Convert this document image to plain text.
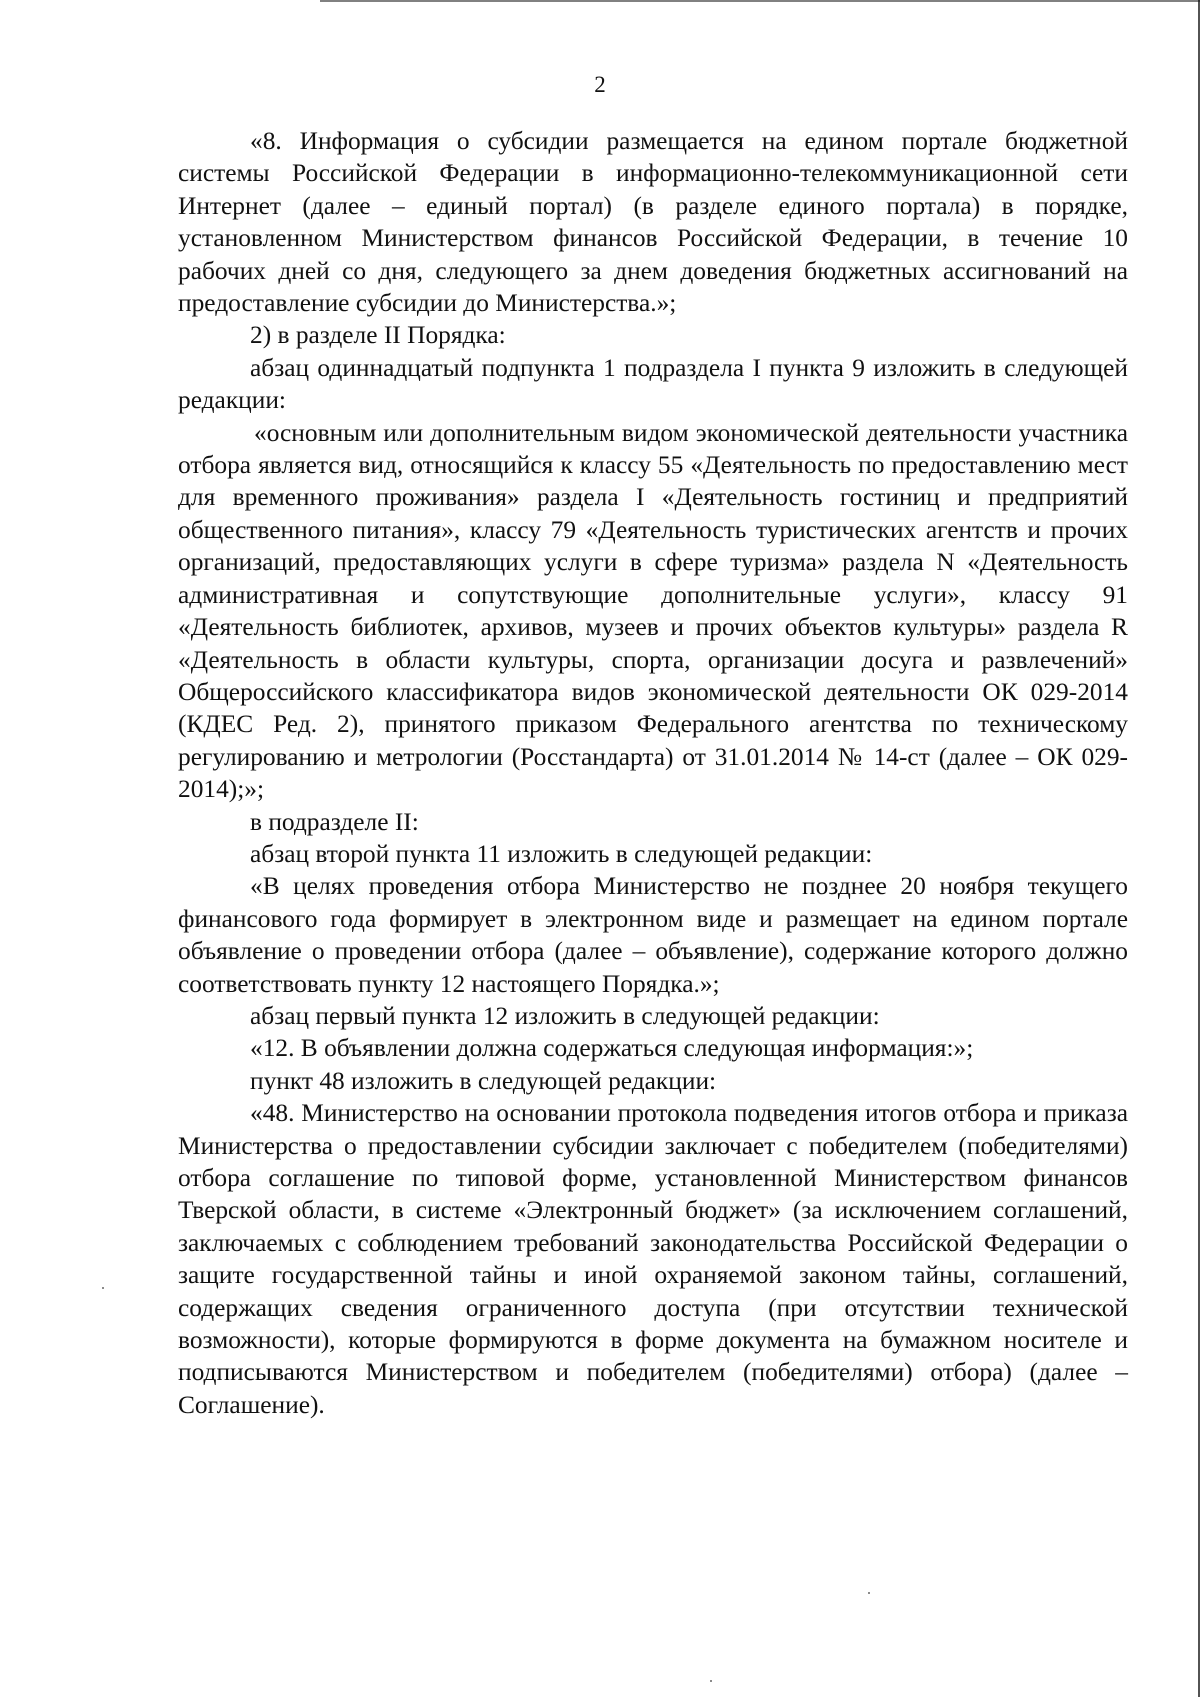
2

«8. Информация о субсидии размещается на едином портале бюджетной системы Российской Федерации в информационно-телекоммуникационной сети Интернет (далее – единый портал) (в разделе единого портала) в порядке, установленном Министерством финансов Российской Федерации, в течение 10 рабочих дней со дня, следующего за днем доведения бюджетных ассигнований на предоставление субсидии до Министерства.»;

2) в разделе II Порядка:

абзац одиннадцатый подпункта 1 подраздела I пункта 9 изложить в следующей редакции:

«основным или дополнительным видом экономической деятельности участника отбора является вид, относящийся к классу 55 «Деятельность по предоставлению мест для временного проживания» раздела I «Деятельность гостиниц и предприятий общественного питания», классу 79 «Деятельность туристических агентств и прочих организаций, предоставляющих услуги в сфере туризма» раздела N «Деятельность административная и сопутствующие дополнительные услуги», классу 91 «Деятельность библиотек, архивов, музеев и прочих объектов культуры» раздела R «Деятельность в области культуры, спорта, организации досуга и развлечений» Общероссийского классификатора видов экономической деятельности ОК 029-2014 (КДЕС Ред. 2), принятого приказом Федерального агентства по техническому регулированию и метрологии (Росстандарта) от 31.01.2014 № 14-ст (далее – ОК 029-2014);»;

в подразделе II:

абзац второй пункта 11 изложить в следующей редакции:

«В целях проведения отбора Министерство не позднее 20 ноября текущего финансового года формирует в электронном виде и размещает на едином портале объявление о проведении отбора (далее – объявление), содержание которого должно соответствовать пункту 12 настоящего Порядка.»;

абзац первый пункта 12 изложить в следующей редакции:

«12. В объявлении должна содержаться следующая информация:»;

пункт 48 изложить в следующей редакции:

«48. Министерство на основании протокола подведения итогов отбора и приказа Министерства о предоставлении субсидии заключает с победителем (победителями) отбора соглашение по типовой форме, установленной Министерством финансов Тверской области, в системе «Электронный бюджет» (за исключением соглашений, заключаемых с соблюдением требований законодательства Российской Федерации о защите государственной тайны и иной охраняемой законом тайны, соглашений, содержащих сведения ограниченного доступа (при отсутствии технической возможности), которые формируются в форме документа на бумажном носителе и подписываются Министерством и победителем (победителями) отбора) (далее – Соглашение).
